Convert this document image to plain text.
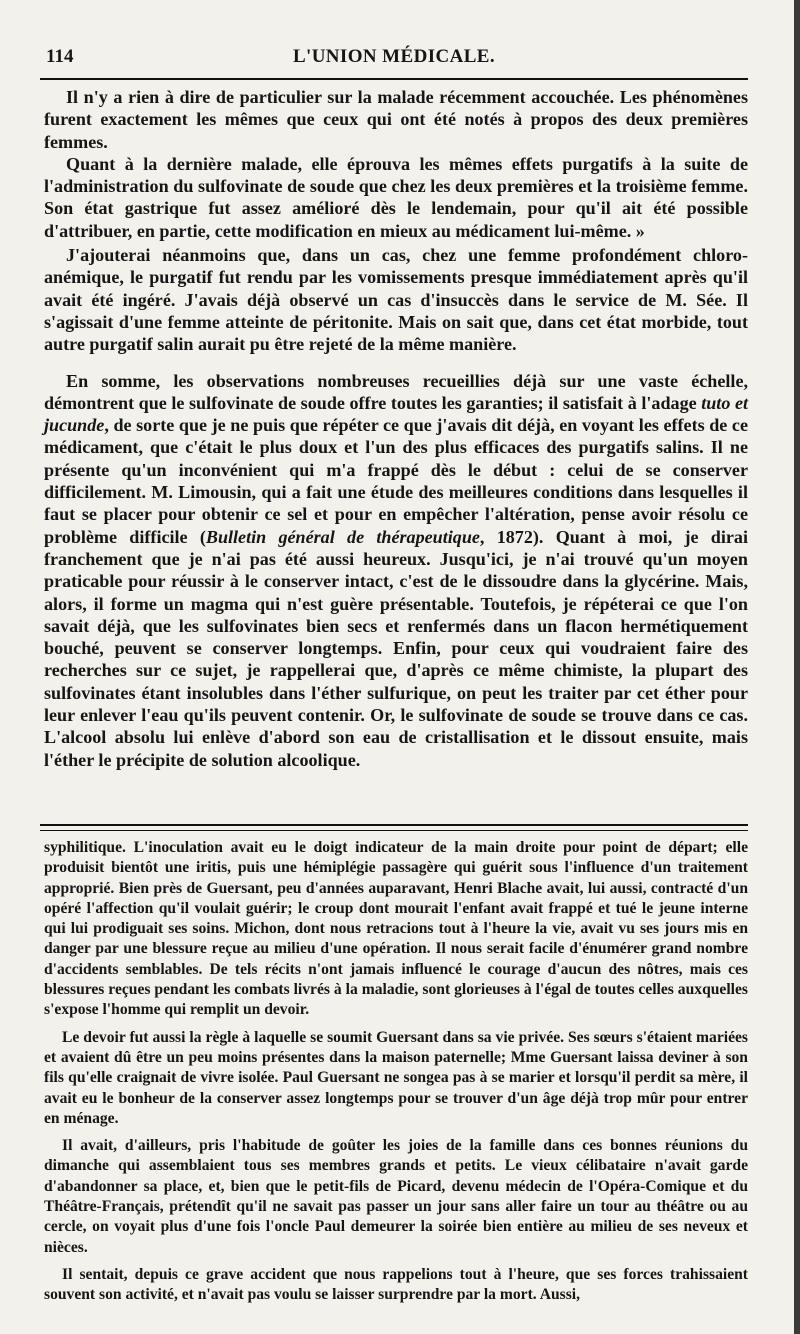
114	L'UNION MÉDICALE.

Il n'y a rien à dire de particulier sur la malade récemment accouchée. Les phénomènes furent exactement les mêmes que ceux qui ont été notés à propos des deux premières femmes.

Quant à la dernière malade, elle éprouva les mêmes effets purgatifs à la suite de l'administration du sulfovinate de soude que chez les deux premières et la troisième femme. Son état gastrique fut assez amélioré dès le lendemain, pour qu'il ait été possible d'attribuer, en partie, cette modification en mieux au médicament lui-même. »

J'ajouterai néanmoins que, dans un cas, chez une femme profondément chloro-anémique, le purgatif fut rendu par les vomissements presque immédiatement après qu'il avait été ingéré. J'avais déjà observé un cas d'insuccès dans le service de M. Sée. Il s'agissait d'une femme atteinte de péritonite. Mais on sait que, dans cet état morbide, tout autre purgatif salin aurait pu être rejeté de la même manière.

En somme, les observations nombreuses recueillies déjà sur une vaste échelle, démontrent que le sulfovinate de soude offre toutes les garanties; il satisfait à l'adage tuto et jucunde, de sorte que je ne puis que répéter ce que j'avais dit déjà, en voyant les effets de ce médicament, que c'était le plus doux et l'un des plus efficaces des purgatifs salins. Il ne présente qu'un inconvénient qui m'a frappé dès le début : celui de se conserver difficilement. M. Limousin, qui a fait une étude des meilleures conditions dans lesquelles il faut se placer pour obtenir ce sel et pour en empêcher l'altération, pense avoir résolu ce problème difficile (Bulletin général de thérapeutique, 1872). Quant à moi, je dirai franchement que je n'ai pas été aussi heureux. Jusqu'ici, je n'ai trouvé qu'un moyen praticable pour réussir à le conserver intact, c'est de le dissoudre dans la glycérine. Mais, alors, il forme un magma qui n'est guère présentable. Toutefois, je répéterai ce que l'on savait déjà, que les sulfovinates bien secs et renfermés dans un flacon hermétiquement bouché, peuvent se conserver longtemps. Enfin, pour ceux qui voudraient faire des recherches sur ce sujet, je rappellerai que, d'après ce même chimiste, la plupart des sulfovinates étant insolubles dans l'éther sulfurique, on peut les traiter par cet éther pour leur enlever l'eau qu'ils peuvent contenir. Or, le sulfovinate de soude se trouve dans ce cas. L'alcool absolu lui enlève d'abord son eau de cristallisation et le dissout ensuite, mais l'éther le précipite de solution alcoolique.

syphilitique. L'inoculation avait eu le doigt indicateur de la main droite pour point de départ; elle produisit bientôt une iritis, puis une hémiplégie passagère qui guérit sous l'influence d'un traitement approprié. Bien près de Guersant, peu d'années auparavant, Henri Blache avait, lui aussi, contracté d'un opéré l'affection qu'il voulait guérir; le croup dont mourait l'enfant avait frappé et tué le jeune interne qui lui prodiguait ses soins. Michon, dont nous retracions tout à l'heure la vie, avait vu ses jours mis en danger par une blessure reçue au milieu d'une opération. Il nous serait facile d'énumérer grand nombre d'accidents semblables. De tels récits n'ont jamais influencé le courage d'aucun des nôtres, mais ces blessures reçues pendant les combats livrés à la maladie, sont glorieuses à l'égal de toutes celles auxquelles s'expose l'homme qui remplit un devoir.

Le devoir fut aussi la règle à laquelle se soumit Guersant dans sa vie privée. Ses sœurs s'étaient mariées et avaient dû être un peu moins présentes dans la maison paternelle; Mme Guersant laissa deviner à son fils qu'elle craignait de vivre isolée. Paul Guersant ne songea pas à se marier et lorsqu'il perdit sa mère, il avait eu le bonheur de la conserver assez longtemps pour se trouver d'un âge déjà trop mûr pour entrer en ménage.

Il avait, d'ailleurs, pris l'habitude de goûter les joies de la famille dans ces bonnes réunions du dimanche qui assemblaient tous ses membres grands et petits. Le vieux célibataire n'avait garde d'abandonner sa place, et, bien que le petit-fils de Picard, devenu médecin de l'Opéra-Comique et du Théâtre-Français, prétendît qu'il ne savait pas passer un jour sans aller faire un tour au théâtre ou au cercle, on voyait plus d'une fois l'oncle Paul demeurer la soirée bien entière au milieu de ses neveux et nièces.

Il sentait, depuis ce grave accident que nous rappelions tout à l'heure, que ses forces trahissaient souvent son activité, et n'avait pas voulu se laisser surprendre par la mort. Aussi,
